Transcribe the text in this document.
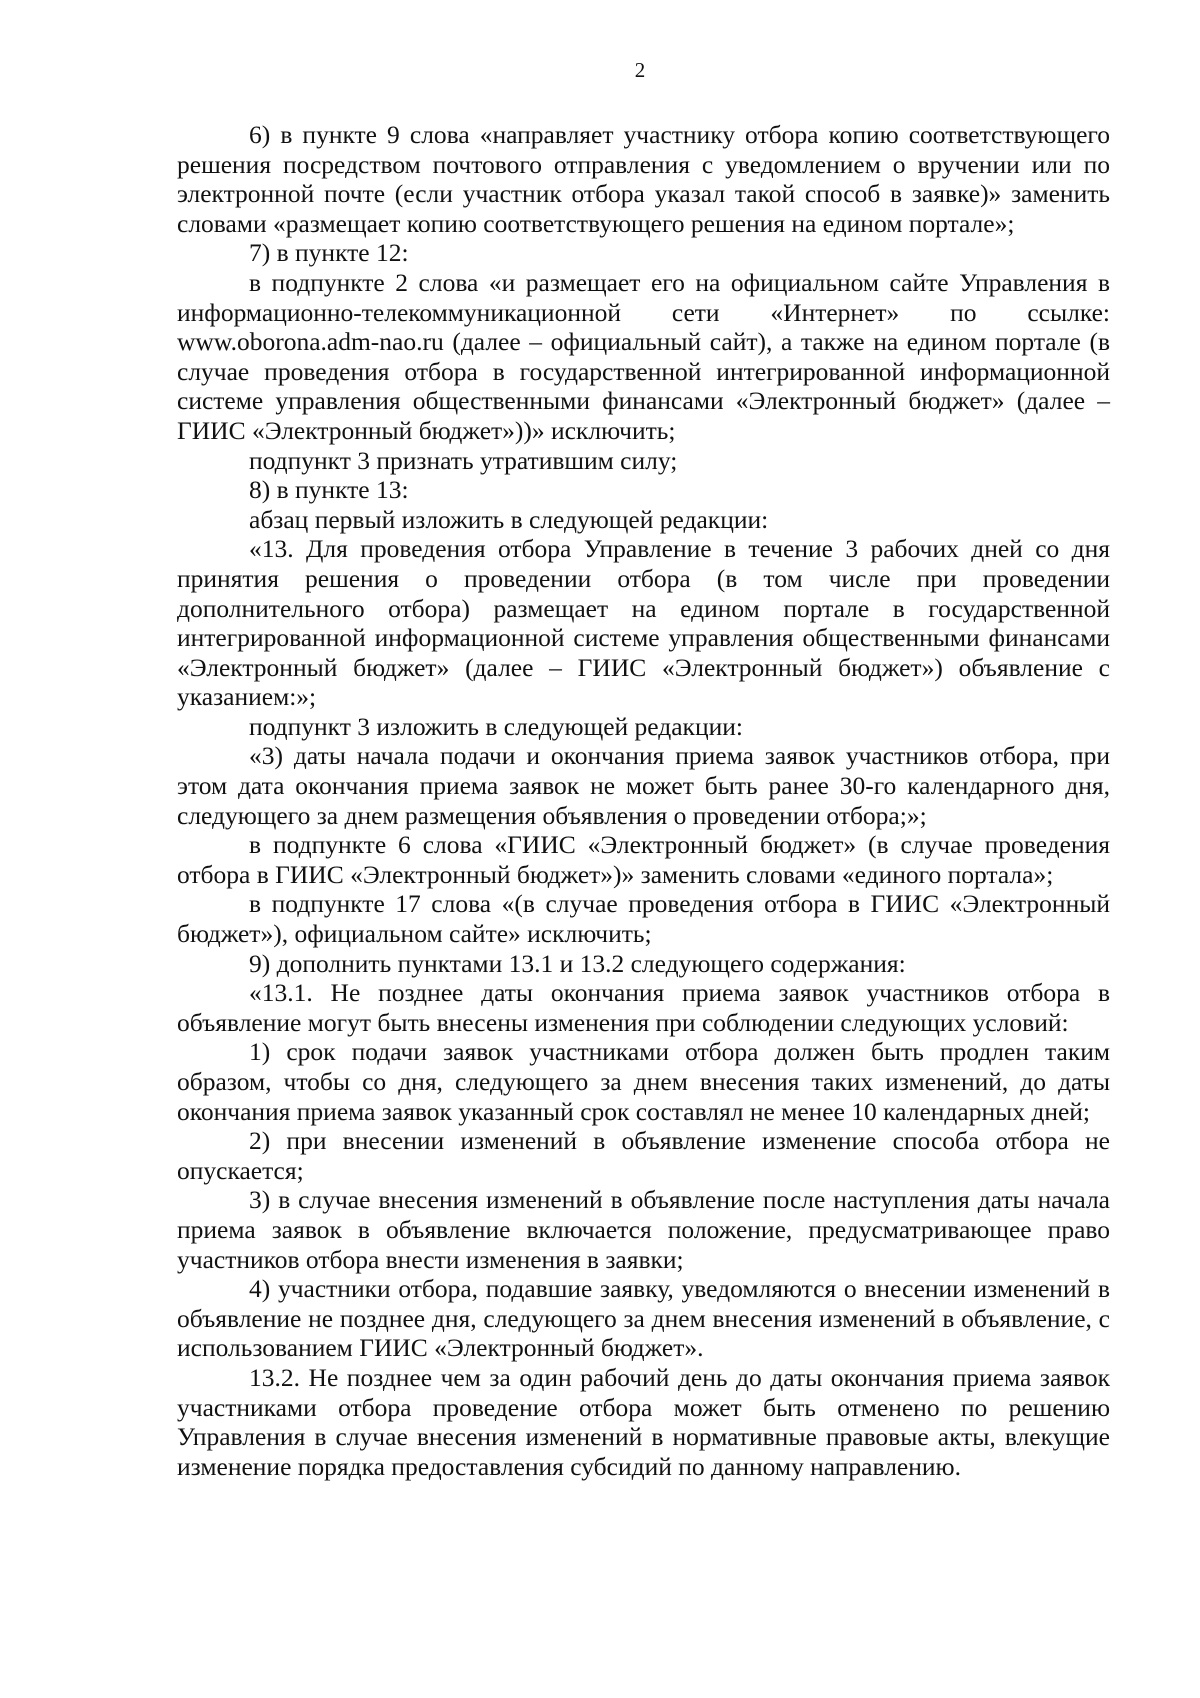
2

6) в пункте 9 слова «направляет участнику отбора копию соответствующего решения посредством почтового отправления с уведомлением о вручении или по электронной почте (если участник отбора указал такой способ в заявке)» заменить словами «размещает копию соответствующего решения на едином портале»;

7) в пункте 12:

в подпункте 2 слова «и размещает его на официальном сайте Управления в информационно-телекоммуникационной сети «Интернет» по ссылке: www.oborona.adm-nao.ru (далее – официальный сайт), а также на едином портале (в случае проведения отбора в государственной интегрированной информационной системе управления общественными финансами «Электронный бюджет» (далее – ГИИС «Электронный бюджет»))» исключить;

подпункт 3 признать утратившим силу;

8) в пункте 13:

абзац первый изложить в следующей редакции:

«13. Для проведения отбора Управление в течение 3 рабочих дней со дня принятия решения о проведении отбора (в том числе при проведении дополнительного отбора) размещает на едином портале в государственной интегрированной информационной системе управления общественными финансами «Электронный бюджет» (далее – ГИИС «Электронный бюджет») объявление с указанием:»;

подпункт 3 изложить в следующей редакции:

«3) даты начала подачи и окончания приема заявок участников отбора, при этом дата окончания приема заявок не может быть ранее 30-го календарного дня, следующего за днем размещения объявления о проведении отбора;»;

в подпункте 6 слова «ГИИС «Электронный бюджет» (в случае проведения отбора в ГИИС «Электронный бюджет»)» заменить словами «единого портала»;

в подпункте 17 слова «(в случае проведения отбора в ГИИС «Электронный бюджет»), официальном сайте» исключить;

9) дополнить пунктами 13.1 и 13.2 следующего содержания:

«13.1. Не позднее даты окончания приема заявок участников отбора в объявление могут быть внесены изменения при соблюдении следующих условий:

1) срок подачи заявок участниками отбора должен быть продлен таким образом, чтобы со дня, следующего за днем внесения таких изменений, до даты окончания приема заявок указанный срок составлял не менее 10 календарных дней;

2) при внесении изменений в объявление изменение способа отбора не опускается;

3) в случае внесения изменений в объявление после наступления даты начала приема заявок в объявление включается положение, предусматривающее право участников отбора внести изменения в заявки;

4) участники отбора, подавшие заявку, уведомляются о внесении изменений в объявление не позднее дня, следующего за днем внесения изменений в объявление, с использованием ГИИС «Электронный бюджет».

13.2. Не позднее чем за один рабочий день до даты окончания приема заявок участниками отбора проведение отбора может быть отменено по решению Управления в случае внесения изменений в нормативные правовые акты, влекущие изменение порядка предоставления субсидий по данному направлению.
